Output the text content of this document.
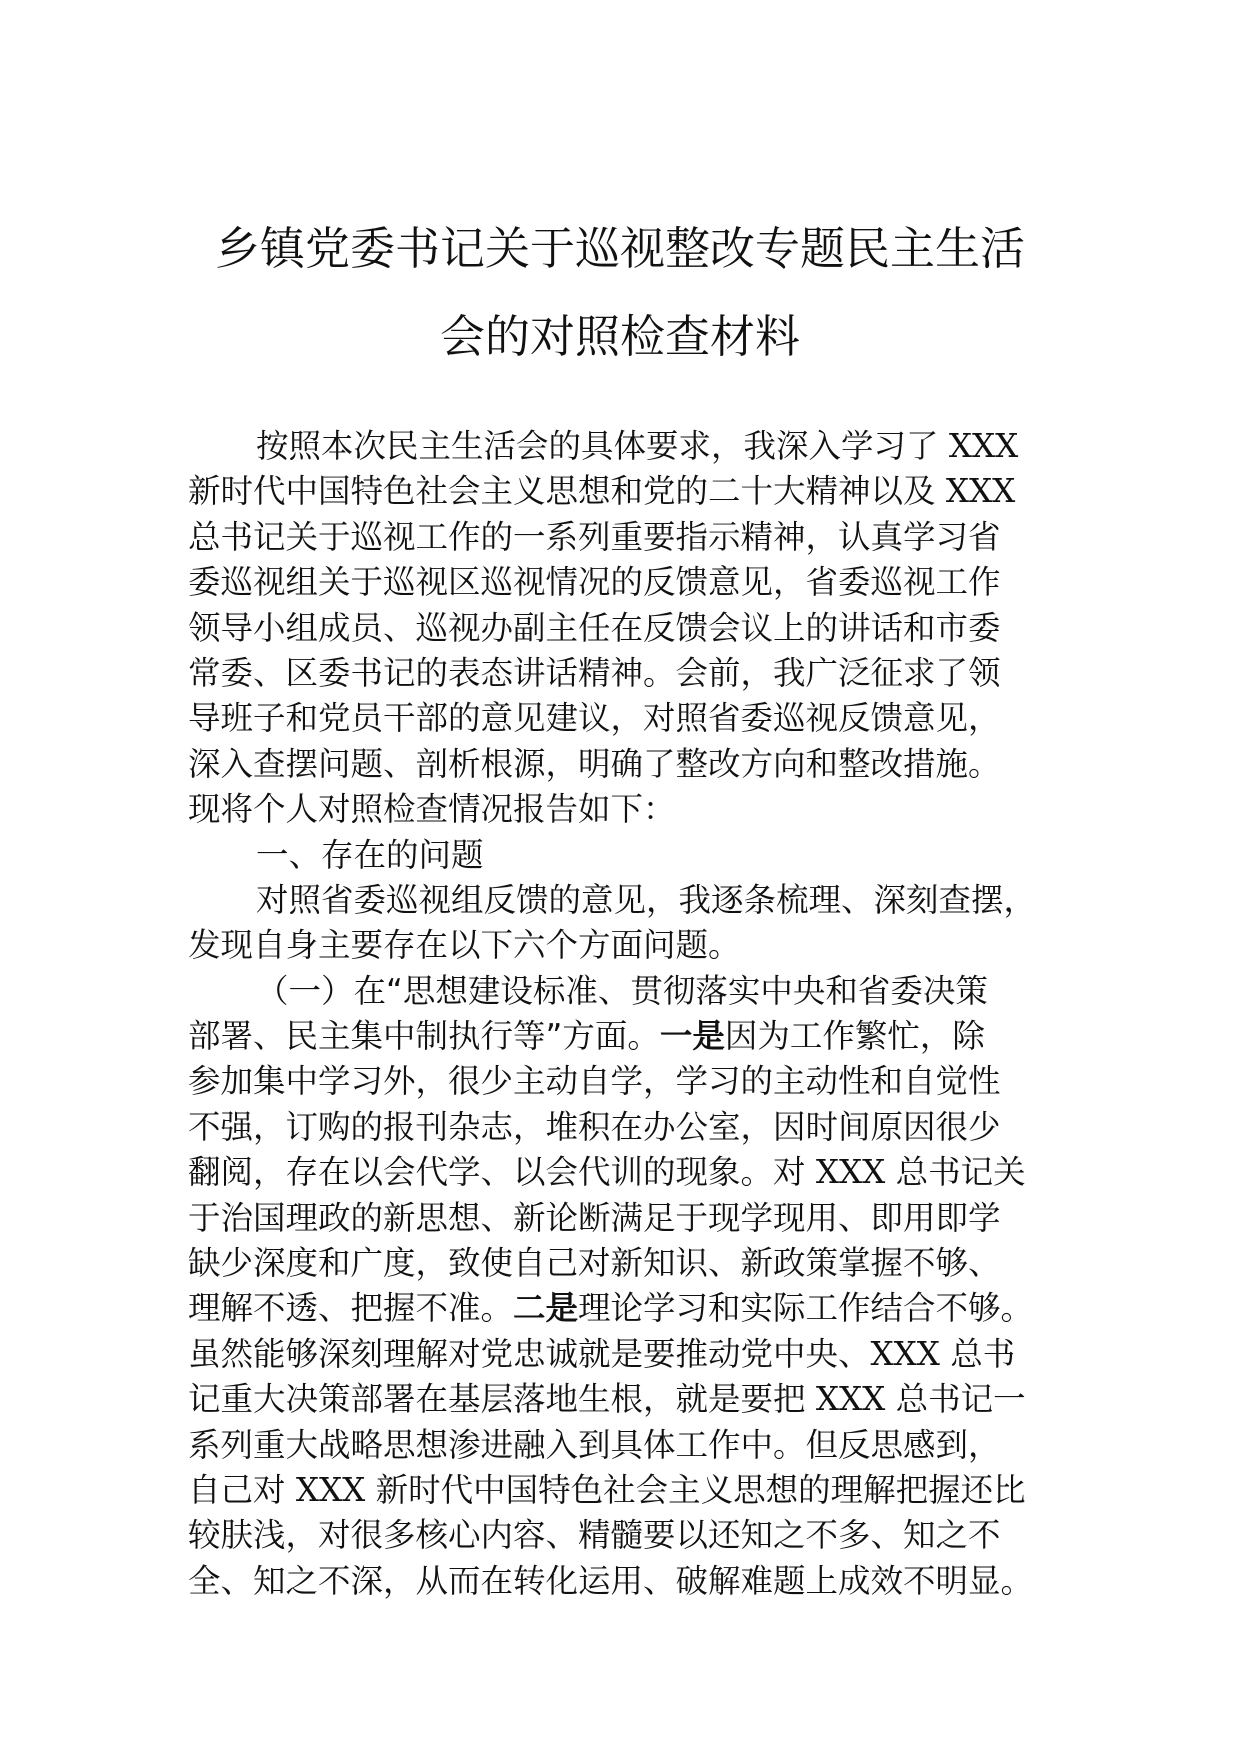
乡镇党委书记关于巡视整改专题民主生活
会的对照检查材料
按照本次民主生活会的具体要求，我深入学习了 XXX
新时代中国特色社会主义思想和党的二十大精神以及 XXX
总书记关于巡视工作的一系列重要指示精神，认真学习省
委巡视组关于巡视区巡视情况的反馈意见，省委巡视工作
领导小组成员、巡视办副主任在反馈会议上的讲话和市委
常委、区委书记的表态讲话精神。会前，我广泛征求了领
导班子和党员干部的意见建议，对照省委巡视反馈意见，
深入查摆问题、剖析根源，明确了整改方向和整改措施。
现将个人对照检查情况报告如下：
一、存在的问题
对照省委巡视组反馈的意见，我逐条梳理、深刻查摆，
发现自身主要存在以下六个方面问题。
（一）在“思想建设标准、贯彻落实中央和省委决策
部署、民主集中制执行等”方面。一是因为工作繁忙，除
参加集中学习外，很少主动自学，学习的主动性和自觉性
不强，订购的报刊杂志，堆积在办公室，因时间原因很少
翻阅，存在以会代学、以会代训的现象。对 XXX 总书记关
于治国理政的新思想、新论断满足于现学现用、即用即学
缺少深度和广度，致使自己对新知识、新政策掌握不够、
理解不透、把握不准。二是理论学习和实际工作结合不够。
虽然能够深刻理解对党忠诚就是要推动党中央、XXX 总书
记重大决策部署在基层落地生根，就是要把 XXX 总书记一
系列重大战略思想渗进融入到具体工作中。但反思感到，
自己对 XXX 新时代中国特色社会主义思想的理解把握还比
较肤浅，对很多核心内容、精髓要以还知之不多、知之不
全、知之不深，从而在转化运用、破解难题上成效不明显。
